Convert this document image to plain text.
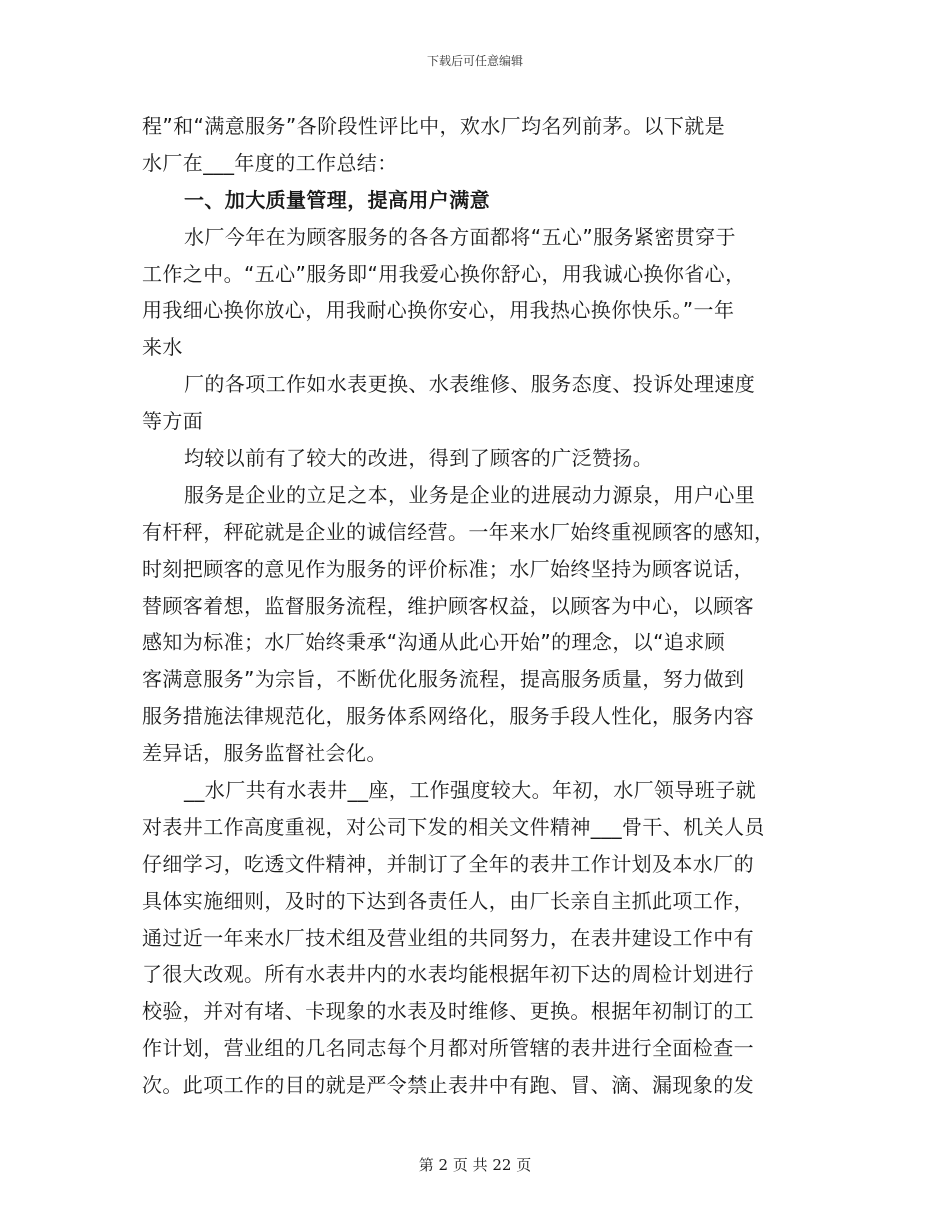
下载后可任意编辑
程”和“满意服务”各阶段性评比中，欢水厂均名列前茅。以下就是
水厂在___年度的工作总结：
一、加大质量管理，提高用户满意
水厂今年在为顾客服务的各各方面都将“五心”服务紧密贯穿于
工作之中。“五心”服务即“用我爱心换你舒心，用我诚心换你省心，
用我细心换你放心，用我耐心换你安心，用我热心换你快乐。”一年
来水
厂的各项工作如水表更换、水表维修、服务态度、投诉处理速度
等方面
均较以前有了较大的改进，得到了顾客的广泛赞扬。
服务是企业的立足之本，业务是企业的进展动力源泉，用户心里
有杆秤，秤砣就是企业的诚信经营。一年来水厂始终重视顾客的感知，
时刻把顾客的意见作为服务的评价标准；水厂始终坚持为顾客说话，
替顾客着想，监督服务流程，维护顾客权益，以顾客为中心，以顾客
感知为标准；水厂始终秉承“沟通从此心开始”的理念，以“追求顾
客满意服务”为宗旨，不断优化服务流程，提高服务质量，努力做到
服务措施法律规范化，服务体系网络化，服务手段人性化，服务内容
差异话，服务监督社会化。
__水厂共有水表井__座，工作强度较大。年初，水厂领导班子就
对表井工作高度重视，对公司下发的相关文件精神___骨干、机关人员
仔细学习，吃透文件精神，并制订了全年的表井工作计划及本水厂的
具体实施细则，及时的下达到各责任人，由厂长亲自主抓此项工作，
通过近一年来水厂技术组及营业组的共同努力，在表井建设工作中有
了很大改观。所有水表井内的水表均能根据年初下达的周检计划进行
校验，并对有堵、卡现象的水表及时维修、更换。根据年初制订的工
作计划，营业组的几名同志每个月都对所管辖的表井进行全面检查一
次。此项工作的目的就是严令禁止表井中有跑、冒、滴、漏现象的发
第 2 页 共 22 页
